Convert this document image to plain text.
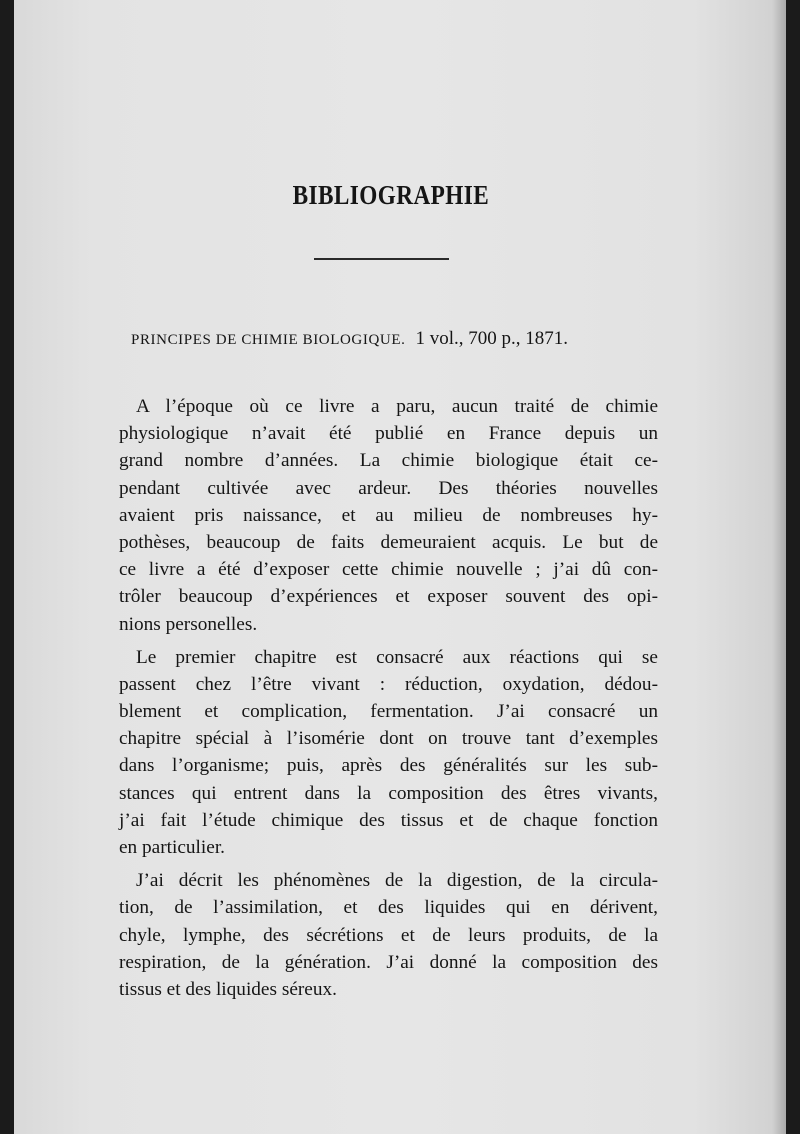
BIBLIOGRAPHIE
PRINCIPES DE CHIMIE BIOLOGIQUE. 1 vol., 700 p., 1871.
A l’époque où ce livre a paru, aucun traité de chimie
physiologique n’avait été publié en France depuis un
grand nombre d’années. La chimie biologique était ce-
pendant cultivée avec ardeur. Des théories nouvelles
avaient pris naissance, et au milieu de nombreuses hy-
pothèses, beaucoup de faits demeuraient acquis. Le but de
ce livre a été d’exposer cette chimie nouvelle ; j’ai dû con-
trôler beaucoup d’expériences et exposer souvent des opi-
nions personelles.
Le premier chapitre est consacré aux réactions qui se
passent chez l’être vivant : réduction, oxydation, dédou-
blement et complication, fermentation. J’ai consacré un
chapitre spécial à l’isomérie dont on trouve tant d’exemples
dans l’organisme; puis, après des généralités sur les sub-
stances qui entrent dans la composition des êtres vivants,
j’ai fait l’étude chimique des tissus et de chaque fonction
en particulier.
J’ai décrit les phénomènes de la digestion, de la circula-
tion, de l’assimilation, et des liquides qui en dérivent,
chyle, lymphe, des sécrétions et de leurs produits, de la
respiration, de la génération. J’ai donné la composition des
tissus et des liquides séreux.
